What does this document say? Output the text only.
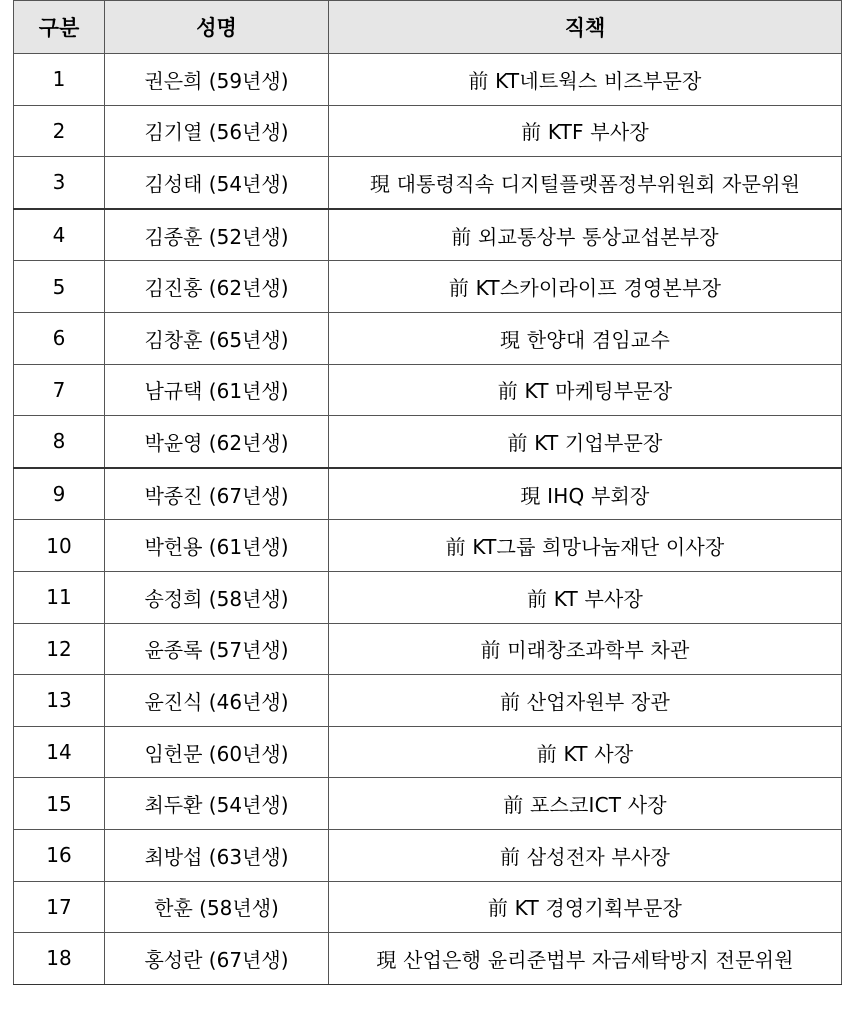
구분	성명	직책
1	권은희 (59년생)	前 KT네트웍스 비즈부문장
2	김기열 (56년생)	前 KTF 부사장
3	김성태 (54년생)	現 대통령직속 디지털플랫폼정부위원회 자문위원
4	김종훈 (52년생)	前 외교통상부 통상교섭본부장
5	김진홍 (62년생)	前 KT스카이라이프 경영본부장
6	김창훈 (65년생)	現 한양대 겸임교수
7	남규택 (61년생)	前 KT 마케팅부문장
8	박윤영 (62년생)	前 KT 기업부문장
9	박종진 (67년생)	現 IHQ 부회장
10	박헌용 (61년생)	前 KT그룹 희망나눔재단 이사장
11	송정희 (58년생)	前 KT 부사장
12	윤종록 (57년생)	前 미래창조과학부 차관
13	윤진식 (46년생)	前 산업자원부 장관
14	임헌문 (60년생)	前 KT 사장
15	최두환 (54년생)	前 포스코ICT 사장
16	최방섭 (63년생)	前 삼성전자 부사장
17	한훈 (58년생)	前 KT 경영기획부문장
18	홍성란 (67년생)	現 산업은행 윤리준법부 자금세탁방지 전문위원
